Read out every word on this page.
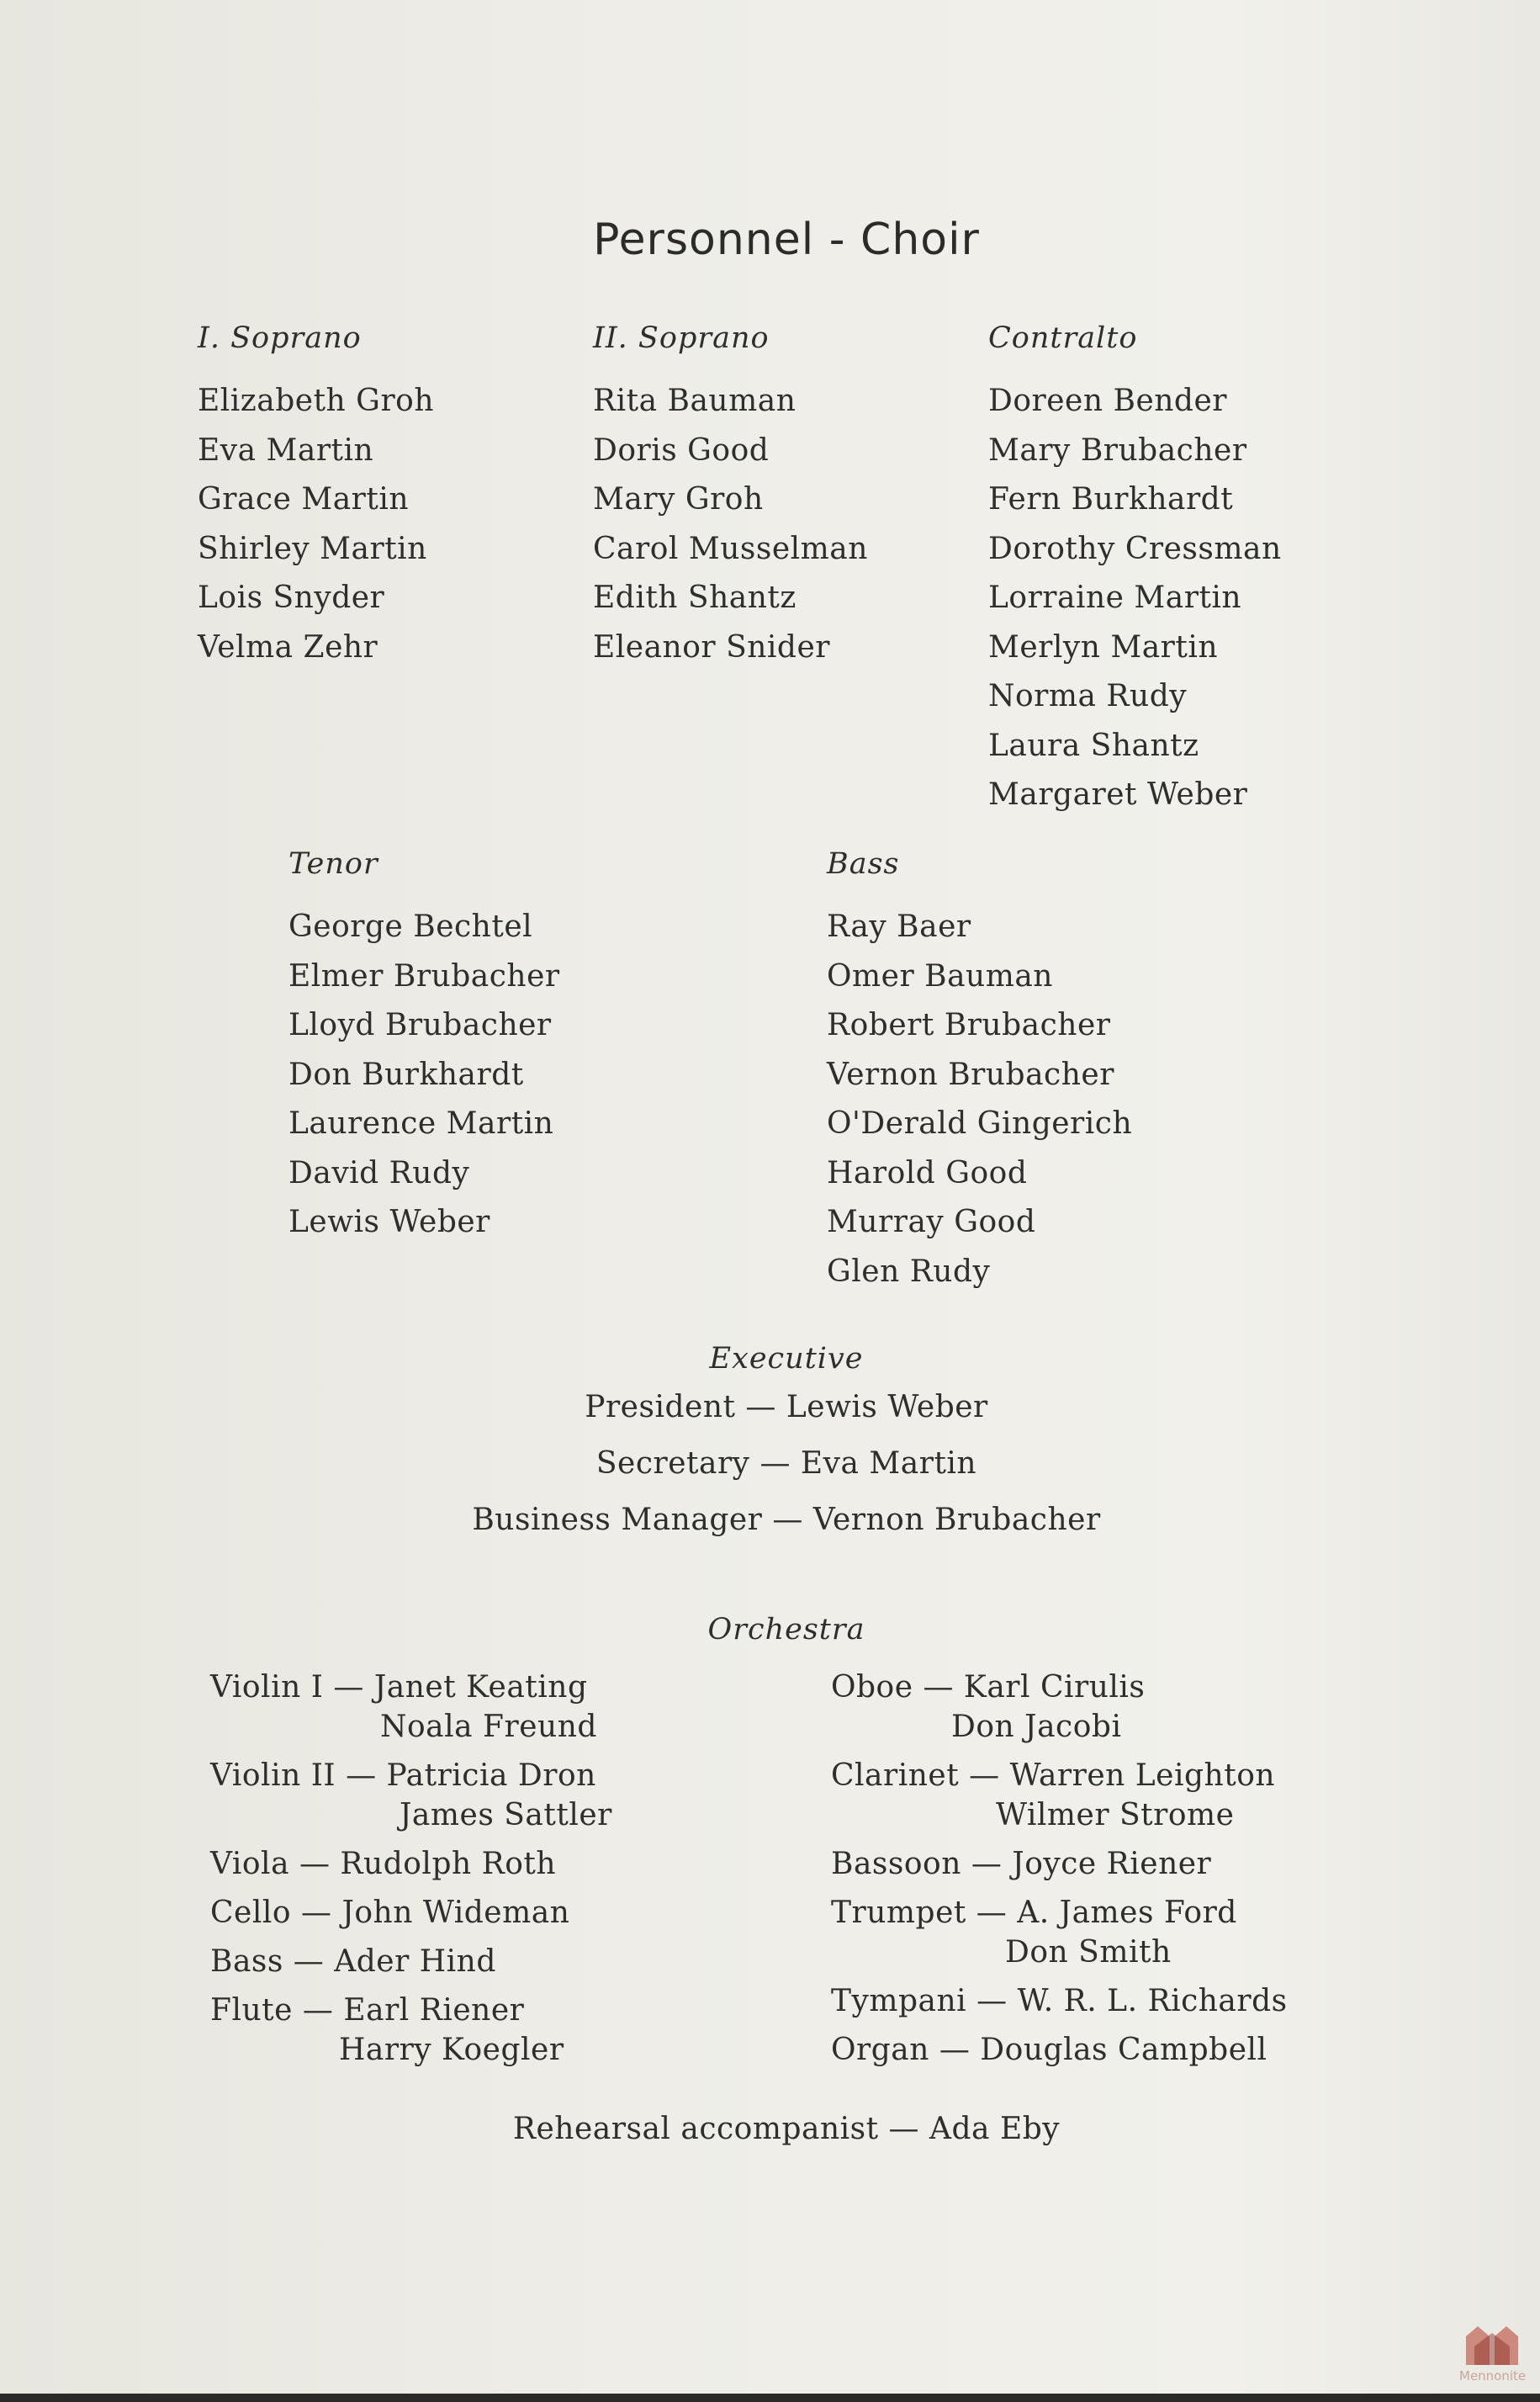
Personnel - Choir
I. Soprano
Elizabeth Groh
Eva Martin
Grace Martin
Shirley Martin
Lois Snyder
Velma Zehr
II. Soprano
Rita Bauman
Doris Good
Mary Groh
Carol Musselman
Edith Shantz
Eleanor Snider
Contralto
Doreen Bender
Mary Brubacher
Fern Burkhardt
Dorothy Cressman
Lorraine Martin
Merlyn Martin
Norma Rudy
Laura Shantz
Margaret Weber
Tenor
George Bechtel
Elmer Brubacher
Lloyd Brubacher
Don Burkhardt
Laurence Martin
David Rudy
Lewis Weber
Bass
Ray Baer
Omer Bauman
Robert Brubacher
Vernon Brubacher
O'Derald Gingerich
Harold Good
Murray Good
Glen Rudy
Executive
President — Lewis Weber
Secretary — Eva Martin
Business Manager — Vernon Brubacher
Orchestra
Violin I — Janet Keating
Noala Freund
Violin II — Patricia Dron
James Sattler
Viola — Rudolph Roth
Cello — John Wideman
Bass — Ader Hind
Flute — Earl Riener
Harry Koegler
Oboe — Karl Cirulis
Don Jacobi
Clarinet — Warren Leighton
Wilmer Strome
Bassoon — Joyce Riener
Trumpet — A. James Ford
Don Smith
Tympani — W. R. L. Richards
Organ — Douglas Campbell
Rehearsal accompanist — Ada Eby
Mennonite
